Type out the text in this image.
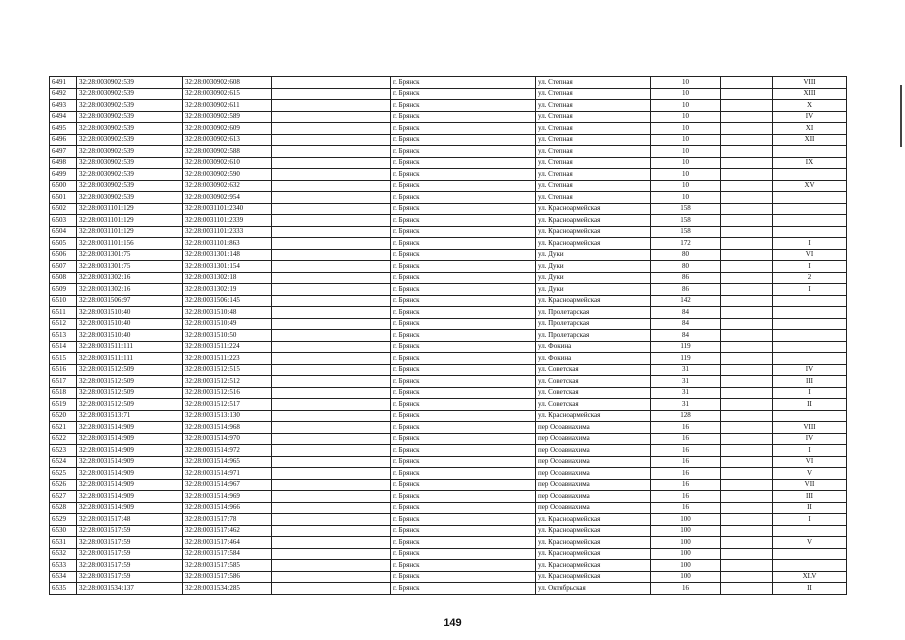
6491	32:28:0030902:539	32:28:0030902:608		г. Брянск	ул. Степная	10		VIII
6492	32:28:0030902:539	32:28:0030902:615		г. Брянск	ул. Степная	10		XIII
6493	32:28:0030902:539	32:28:0030902:611		г. Брянск	ул. Степная	10		X
6494	32:28:0030902:539	32:28:0030902:589		г. Брянск	ул. Степная	10		IV
6495	32:28:0030902:539	32:28:0030902:609		г. Брянск	ул. Степная	10		XI
6496	32:28:0030902:539	32:28:0030902:613		г. Брянск	ул. Степная	10		XII
6497	32:28:0030902:539	32:28:0030902:588		г. Брянск	ул. Степная	10		
6498	32:28:0030902:539	32:28:0030902:610		г. Брянск	ул. Степная	10		IX
6499	32:28:0030902:539	32:28:0030902:590		г. Брянск	ул. Степная	10		
6500	32:28:0030902:539	32:28:0030902:632		г. Брянск	ул. Степная	10		XV
6501	32:28:0030902:539	32:28:0030902:954		г. Брянск	ул. Степная	10		
6502	32:28:0031101:129	32:28:0031101:2340		г. Брянск	ул. Красноармейская	158		
6503	32:28:0031101:129	32:28:0031101:2339		г. Брянск	ул. Красноармейская	158		
6504	32:28:0031101:129	32:28:0031101:2333		г. Брянск	ул. Красноармейская	158		
6505	32:28:0031101:156	32:28:0031101:863		г. Брянск	ул. Красноармейская	172		I
6506	32:28:0031301:75	32:28:0031301:148		г. Брянск	ул. Дуки	80		VI
6507	32:28:0031301:75	32:28:0031301:154		г. Брянск	ул. Дуки	80		I
6508	32:28:0031302:16	32:28:0031302:18		г. Брянск	ул. Дуки	86		2
6509	32:28:0031302:16	32:28:0031302:19		г. Брянск	ул. Дуки	86		I
6510	32:28:0031506:97	32:28:0031506:145		г. Брянск	ул. Красноармейская	142		
6511	32:28:0031510:40	32:28:0031510:48		г. Брянск	ул. Пролетарская	84		
6512	32:28:0031510:40	32:28:0031510:49		г. Брянск	ул. Пролетарская	84		
6513	32:28:0031510:40	32:28:0031510:50		г. Брянск	ул. Пролетарская	84		
6514	32:28:0031511:111	32:28:0031511:224		г. Брянск	ул. Фокина	119		
6515	32:28:0031511:111	32:28:0031511:223		г. Брянск	ул. Фокина	119		
6516	32:28:0031512:509	32:28:0031512:515		г. Брянск	ул. Советская	31		IV
6517	32:28:0031512:509	32:28:0031512:512		г. Брянск	ул. Советская	31		III
6518	32:28:0031512:509	32:28:0031512:516		г. Брянск	ул. Советская	31		I
6519	32:28:0031512:509	32:28:0031512:517		г. Брянск	ул. Советская	31		II
6520	32:28:0031513:71	32:28:0031513:130		г. Брянск	ул. Красноармейская	128		
6521	32:28:0031514:909	32:28:0031514:968		г. Брянск	пер Осоавиахима	16		VIII
6522	32:28:0031514:909	32:28:0031514:970		г. Брянск	пер Осоавиахима	16		IV
6523	32:28:0031514:909	32:28:0031514:972		г. Брянск	пер Осоавиахима	16		I
6524	32:28:0031514:909	32:28:0031514:965		г. Брянск	пер Осоавиахима	16		VI
6525	32:28:0031514:909	32:28:0031514:971		г. Брянск	пер Осоавиахима	16		V
6526	32:28:0031514:909	32:28:0031514:967		г. Брянск	пер Осоавиахима	16		VII
6527	32:28:0031514:909	32:28:0031514:969		г. Брянск	пер Осоавиахима	16		III
6528	32:28:0031514:909	32:28:0031514:966		г. Брянск	пер Осоавиахима	16		II
6529	32:28:0031517:48	32:28:0031517:78		г. Брянск	ул. Красноармейская	100		I
6530	32:28:0031517:59	32:28:0031517:462		г. Брянск	ул. Красноармейская	100		
6531	32:28:0031517:59	32:28:0031517:464		г. Брянск	ул. Красноармейская	100		V
6532	32:28:0031517:59	32:28:0031517:584		г. Брянск	ул. Красноармейская	100		
6533	32:28:0031517:59	32:28:0031517:585		г. Брянск	ул. Красноармейская	100		
6534	32:28:0031517:59	32:28:0031517:586		г. Брянск	ул. Красноармейская	100		XLV
6535	32:28:0031534:137	32:28:0031534:285		г. Брянск	ул. Октябрьская	16		II
149
